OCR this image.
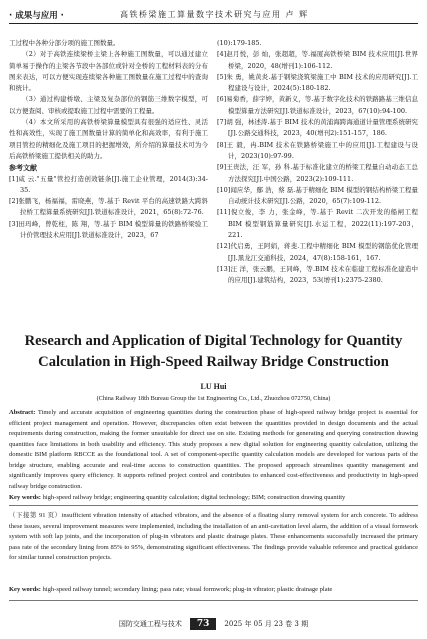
· 成果与应用 ·	高铁桥梁施工算量数字技术研究与应用 卢 辉

工过程中各种分部分项的施工图数量。

（2）对于高铁连续梁桥主梁上各种施工图数量，可以通过建立简单易于操作的主梁各节段中各部位或针对全桥的工程材料表的分布图来表达，可以方便实现连续梁各种施工图数量在施工过程中的查询和统计。

（3）通过构建桥墩、主梁及复杂部位的钢筋三维数字模型，可以方便查阅、审核或提取施工过程中需要的工程量。

（4）本文所采用的高铁桥梁算量模型具有很强的适应性、灵活性和高效性，实现了施工图数量计算的简单化和高效率，有利于施工项目管控的精细化及施工项目的把握增效，所介绍的算量技术可为今后高铁桥梁施工提供相关的助力。

参考文献

[1]咸 云."五量"管控打造创效链条[J].施工企业管理，2014(3):34-35.

[2]张鹏飞，杨福福，雷晓燕，等.基于 Revit 平台的高速铁路大跨斜拉桥工程算量系统研究[J].铁道标准设计，2021，65(8):72-76.

[3]田玛峰，曾乾柱，陈 翔，等.基于 BIM 模型算量的铁路桥梁验工计价管理技术应用[J].铁道标准设计，2023，67

(10):179-185.

[4]赵月悦，彭 灿，张超超，等.福厦高铁桥梁 BIM 技术应用[J].世界桥梁，2020，48(增刊1):106-112.

[5]朱 勇，姚黄炎.基于钢梁浇筑梁施工中 BIM 技术的应用研究[J].工程建设与设计，2024(5):180-182.

[6]易菊香，薛宇婷，黄新义，等.基于数字化技术的铁路路基三维信息模型算量方法研究[J].铁道标准设计，2023，67(10):94-100.

[7]胡 强，林述涛.基于 BIM 技术的黄浦海跨海通道计量管理系统研究[J].公路交通科技，2023，40(增刊2):151-157，186.

[8]王 毅，冉.BIM 技术在铁路桥梁施工中的应用[J].工程建设与设计，2023(10):97-99.

[9]王贵法，汪 军，孙 科.基于标准化建立的桥梁工程量自动动态工总方法探究[J].中国公路，2023(2):109-111.

[10]闻应华，鄢 浩，蔡 磊.基于精细化 BIM 模型的钢结构桥梁工程量自动统计技术研究[J].公路，2020，65(7):109-112.

[11]倪立俊，李 力，张金峰，等.基于 Revit 二次开发的船闸工程 BIM 模型钢筋算量研究[J].水运工程，2022(11):197-203，221.

[12]代启勇，王阿娟，蒋斐.工程中精细化 BIM 模型的钢筋优化管理[J].黑龙江交通科技，2024，47(8):158-161，167.

[13]汪 洋，张云鹏，王同峰，等.BIM 技术在临建工程标准化建造中的应用[J].建筑结构，2023，53(增刊1):2375-2380.

Research and Application of Digital Technology for Quantity
Calculation in High-Speed Railway Bridge Construction
LU Hui
(China Railway 18th Bureau Group the 1st Engineering Co., Ltd., Zhuozhou 072750, China)
Abstract: Timely and accurate acquisition of engineering quantities during the construction phase of high-speed railway bridge project is essential for efficient project management and operation. However, discrepancies often exist between the quantities provided in design documents and the actual requirements during construction, making the former unsuitable for direct use on site. Existing methods for generating and querying construction drawing quantities face limitations in both usability and efficiency. This study proposes a new digital solution for engineering quantity calculation, utilizing the domestic BIM platform RBCCE as the foundational tool. A set of component-specific quantity calculation models are developed for various parts of the bridge structure, enabling accurate and real-time access to construction quantities. The proposed approach streamlines quantity management and significantly improves query efficiency. It supports refined project control and contributes to enhanced cost-effectiveness and productivity in high-speed railway bridge construction.
Key words: high-speed railway bridge; engineering quantity calculation; digital technology; BIM; construction drawing quantity
（下接第 91 页）insufficient vibration intensity of attached vibrators, and the absence of a floating slurry removal system for arch concrete. To address these issues, several improvement measures were implemented, including the installation of an anti-cavitation level alarm, the addition of a visual formwork system with soft lap joints, and the incorporation of plug-in vibrators and plastic drainage plates. These enhancements successfully increased the primary pass rate of the secondary lining from 85% to 95%, demonstrating significant effectiveness. The findings provide valuable reference and practical guidance for similar tunnel construction projects.
Key words: high-speed railway tunnel; secondary lining; pass rate; visual formwork; plug-in vibrator; plastic drainage plate
国防交通工程与技术 73 2025 年 05 月 23 卷 3 期
